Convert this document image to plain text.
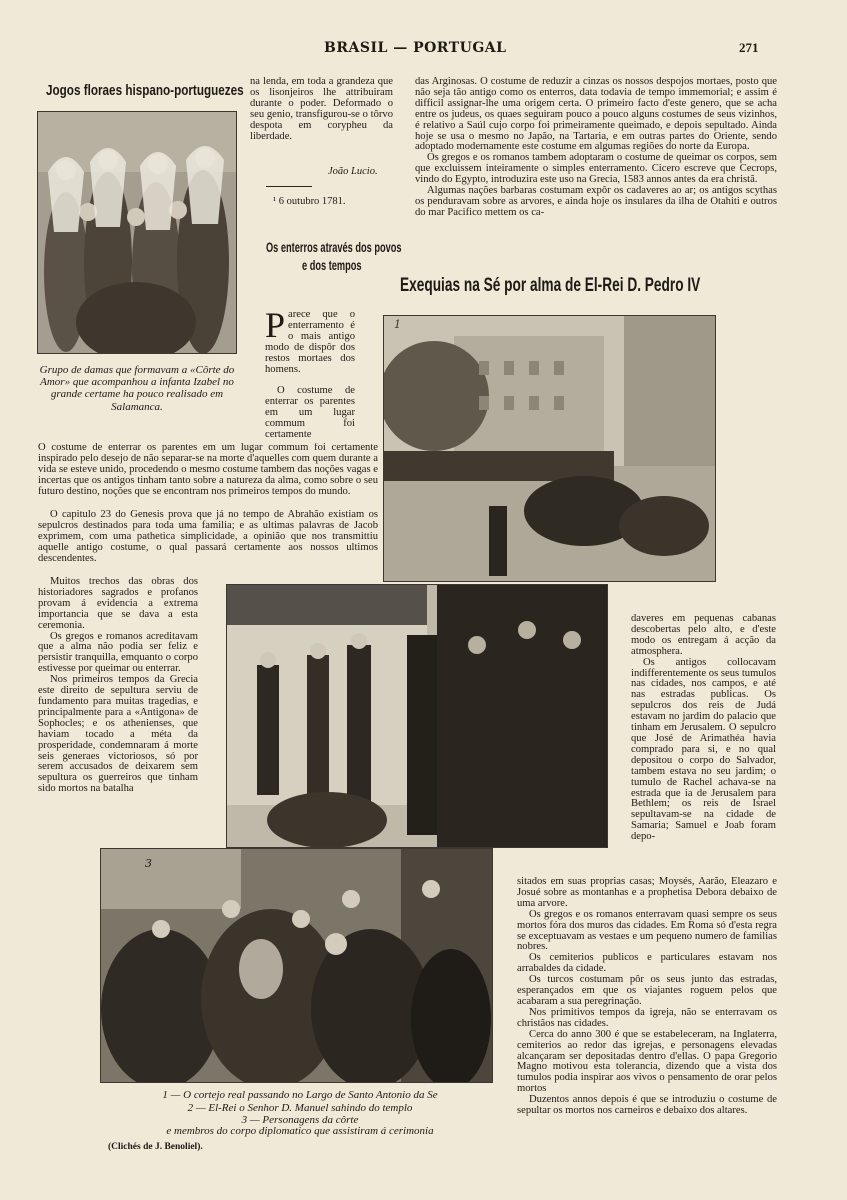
BRASIL — PORTUGAL	271
Jogos floraes hispano-portuguezes
Grupo de damas que formavam a «Côrte do Amor» que acompanhou a infanta Izabel no grande certame ha pouco realisado em Salamanca.

na lenda, em toda a grandeza que os lisonjeiros lhe attribuiram durante o poder. Deformado o seu genio, transfigurou-se o tôrvo despota em corypheu da liberdade.

João Lucio.
¹ 6 outubro 1781.
Os enterros através dos povos
e dos tempos

Parece que o enterramento é o mais antigo modo de dispôr dos restos mortaes dos homens.

O costume de enterrar os parentes em um lugar commum foi certamente

O costume de enterrar os parentes em um lugar commum foi certamente inspirado pelo desejo de não separar-se na morte d'aquelles com quem durante a vida se esteve unido, procedendo o mesmo costume tambem das noções vagas e incertas que os antigos tinham tanto sobre a natureza da alma, como sobre o seu futuro destino, noções que se encontram nos primeiros tempos do mundo.

O capitulo 23 do Genesis prova que já no tempo de Abrahão existiam os sepulcros destinados para toda uma familia; e as ultimas palavras de Jacob exprimem, com uma pathetica simplicidade, a opinião que nos transmittiu aquelle antigo costume, o qual passará certamente aos nossos ultimos descendentes.

Muitos trechos das obras dos historiadores sagrados e profanos provam á evidencia a extrema importancia que se dava a esta ceremonia.

Os gregos e romanos acreditavam que a alma não podia ser feliz e persistir tranquilla, emquanto o corpo estivesse por queimar ou enterrar.

Nos primeiros tempos da Grecia este direito de sepultura serviu de fundamento para muitas tragedias, e principalmente para a «Antigona» de Sophocles; e os athenienses, que haviam tocado a méta da prosperidade, condemnaram á morte seis generaes victoriosos, só por serem accusados de deixarem sem sepultura os guerreiros que tinham sido mortos na batalha

das Arginosas. O costume de reduzir a cinzas os nossos despojos mortaes, posto que não seja tão antigo como os enterros, data todavia de tempo immemorial; e assim é difficil assignar-lhe uma origem certa. O primeiro facto d'este genero, que se acha entre os judeus, os quaes seguiram pouco a pouco alguns costumes de seus vizinhos, é relativo a Saúl cujo corpo foi primeiramente queimado, e depois sepultado. Ainda hoje se usa o mesmo no Japão, na Tartaria, e em outras partes do Oriente, sendo adoptado modernamente este costume em algumas regiões do norte da Europa.

Os gregos e os romanos tambem adoptaram o costume de queimar os corpos, sem que excluissem inteiramente o simples enterramento. Cicero escreve que Cecrops, vindo do Egypto, introduzira este uso na Grecia, 1583 annos antes da era christã.

Algumas nações barbaras costumam expôr os cadaveres ao ar; os antigos scythas os penduravam sobre as arvores, e ainda hoje os insulares da ilha de Otahiti e outros do mar Pacifico mettem os ca-

daveres em pequenas cabanas descobertas pelo alto, e d'este modo os entregam á acção da atmosphera.

Os antigos collocavam indifferentemente os seus tumulos nas cidades, nos campos, e até nas estradas publicas. Os sepulcros dos reis de Judá estavam no jardim do palacio que tinham em Jerusalem. O sepulcro que José de Arimathéa havia comprado para si, e no qual depositou o corpo do Salvador, tambem estava no seu jardim; o tumulo de Rachel achava-se na estrada que ia de Jerusalem para Bethlem; os reis de Israel sepultavam-se na cidade de Samaria; Samuel e Joab foram depo-

sitados em suas proprias casas; Moysés, Aarão, Eleazaro e Josué sobre as montanhas e a prophetisa Debora debaixo de uma arvore.

Os gregos e os romanos enterravam quasi sempre os seus mortos fóra dos muros das cidades. Em Roma só d'esta regra se exceptuavam as vestaes e um pequeno numero de familias nobres.

Os cemiterios publicos e particulares estavam nos arrabaldes da cidade.

Os turcos costumam pôr os seus junto das estradas, esperançados em que os viajantes roguem pelos que acabaram a sua peregrinação.

Nos primitivos tempos da igreja, não se enterravam os christãos nas cidades.

Cerca do anno 300 é que se estabeleceram, na Inglaterra, cemiterios ao redor das igrejas, e personagens elevadas alcançaram ser depositadas dentro d'ellas. O papa Gregorio Magno motivou esta tolerancia, dizendo que a vista dos tumulos podia inspirar aos vivos o pensamento de orar pelos mortos

Duzentos annos depois é que se introduziu o costume de sepultar os mortos nos carneiros e debaixo dos altares.

Exequias na Sé por alma de El-Rei D. Pedro IV
1
3
1 — O cortejo real passando no Largo de Santo Antonio da Se
2 — El-Rei o Senhor D. Manuel sahindo do templo
3 — Personagens da côrte
e membros do corpo diplomatico que assistiram á cerimonia
(Clichés de J. Benoliel).
